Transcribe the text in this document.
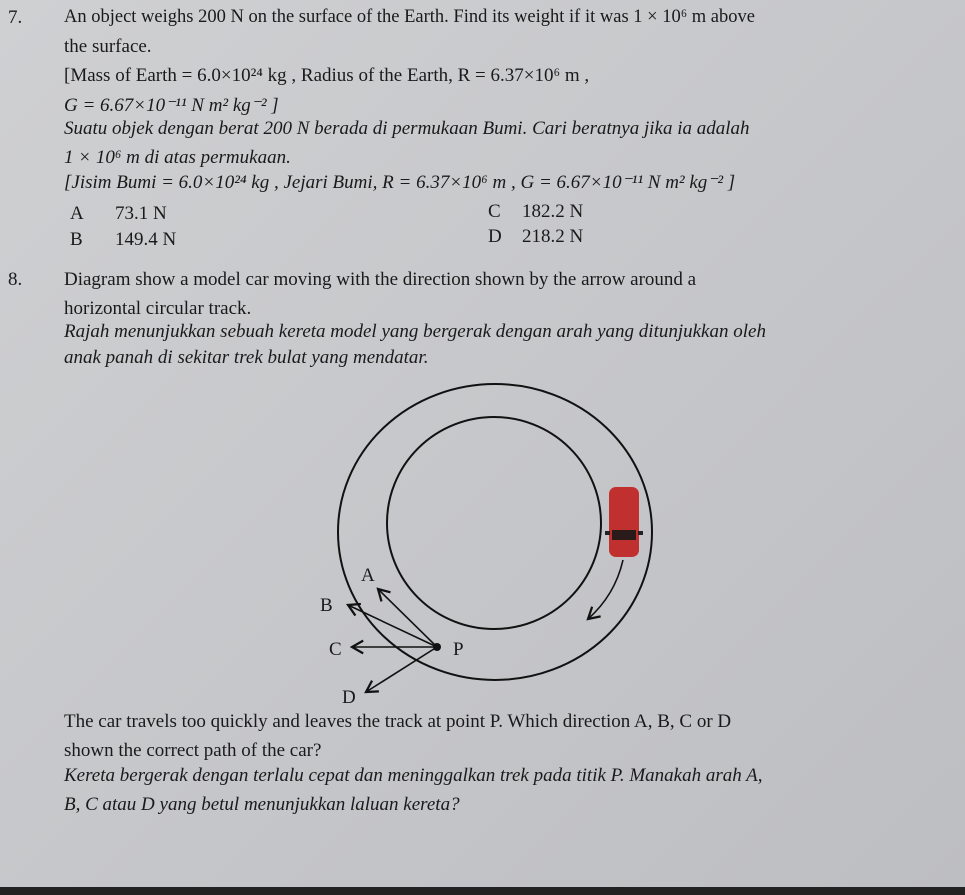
7. An object weighs 200 N on the surface of the Earth. Find its weight if it was 1 × 10⁶ m above
the surface.
[Mass of Earth = 6.0×10²⁴ kg , Radius of the Earth, R = 6.37×10⁶ m ,
G = 6.67×10⁻¹¹ N m² kg⁻² ]
Suatu objek dengan berat 200 N berada di permukaan Bumi. Cari beratnya jika ia adalah
1 × 10⁶ m di atas permukaan.
[Jisim Bumi = 6.0×10²⁴ kg , Jejari Bumi, R = 6.37×10⁶ m , G = 6.67×10⁻¹¹ N m² kg⁻² ]
A 73.1 N
B 149.4 N
C 182.2 N
D 218.2 N
8. Diagram show a model car moving with the direction shown by the arrow around a
horizontal circular track.
Rajah menunjukkan sebuah kereta model yang bergerak dengan arah yang ditunjukkan oleh
anak panah di sekitar trek bulat yang mendatar.
A
B
C	P
D
The car travels too quickly and leaves the track at point P. Which direction A, B, C or D
shown the correct path of the car?
Kereta bergerak dengan terlalu cepat dan meninggalkan trek pada titik P. Manakah arah A,
B, C atau D yang betul menunjukkan laluan kereta?
